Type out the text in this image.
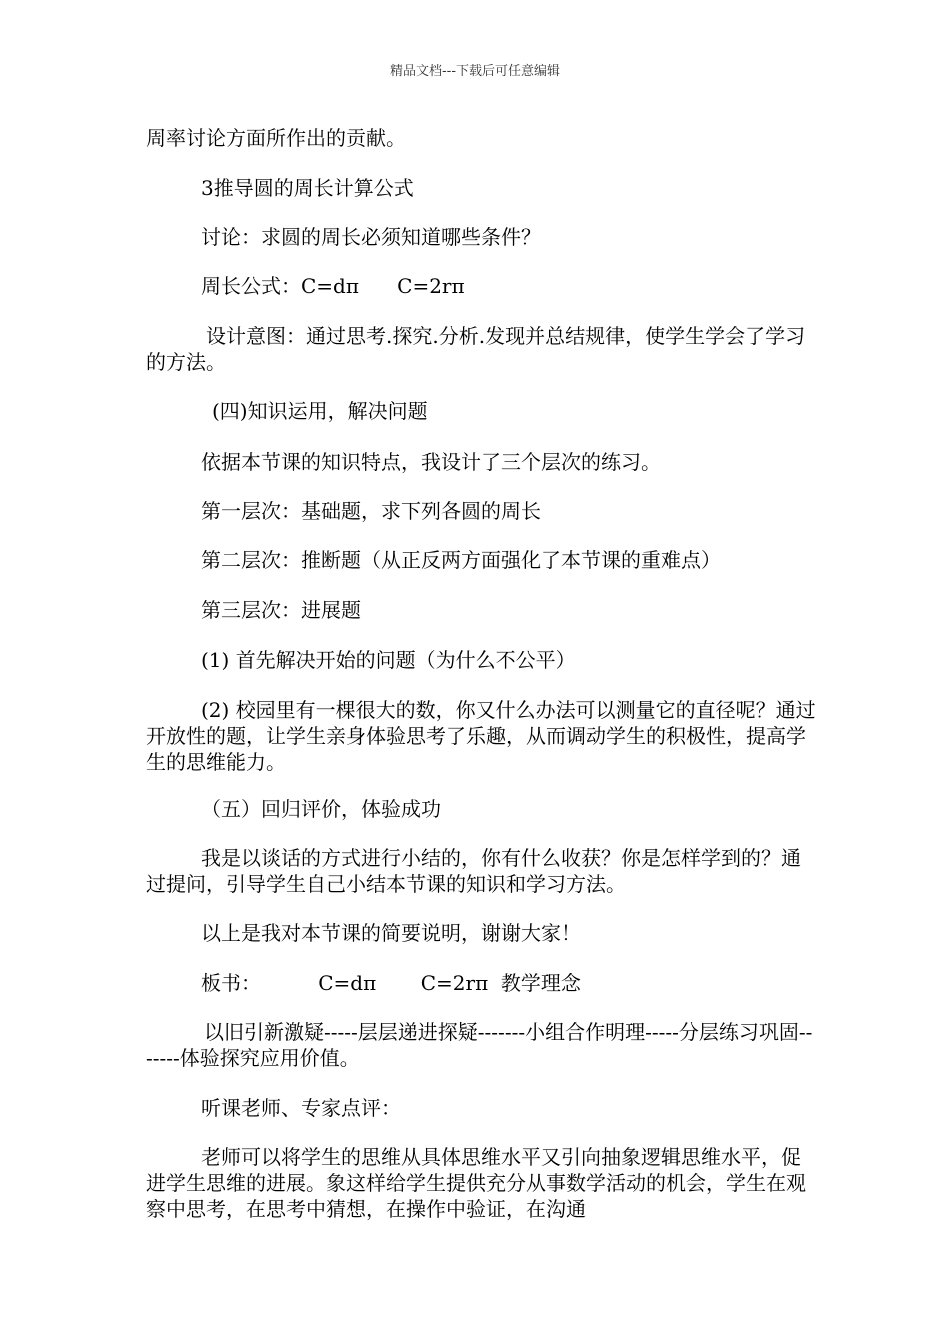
精品文档---下载后可任意编辑

周率讨论方面所作出的贡献。

3推导圆的周长计算公式

讨论：求圆的周长必须知道哪些条件？

周长公式：C=dπ      C=2rπ

设计意图：通过思考.探究.分析.发现并总结规律，使学生学会了学习的方法。

(四)知识运用，解决问题

依据本节课的知识特点，我设计了三个层次的练习。

第一层次：基础题，求下列各圆的周长

第二层次：推断题（从正反两方面强化了本节课的重难点）

第三层次：进展题

(1) 首先解决开始的问题（为什么不公平）

(2) 校园里有一棵很大的数，你又什么办法可以测量它的直径呢？通过开放性的题，让学生亲身体验思考了乐趣，从而调动学生的积极性，提高学生的思维能力。

（五）回归评价，体验成功

我是以谈话的方式进行小结的，你有什么收获？你是怎样学到的？通过提问，引导学生自己小结本节课的知识和学习方法。

以上是我对本节课的简要说明，谢谢大家！

板书：         C=dπ       C=2rπ  教学理念

以旧引新激疑-----层层递进探疑-------小组合作明理-----分层练习巩固-------体验探究应用价值。

听课老师、专家点评：

老师可以将学生的思维从具体思维水平又引向抽象逻辑思维水平，促进学生思维的进展。象这样给学生提供充分从事数学活动的机会，学生在观察中思考，在思考中猜想，在操作中验证，在沟通
